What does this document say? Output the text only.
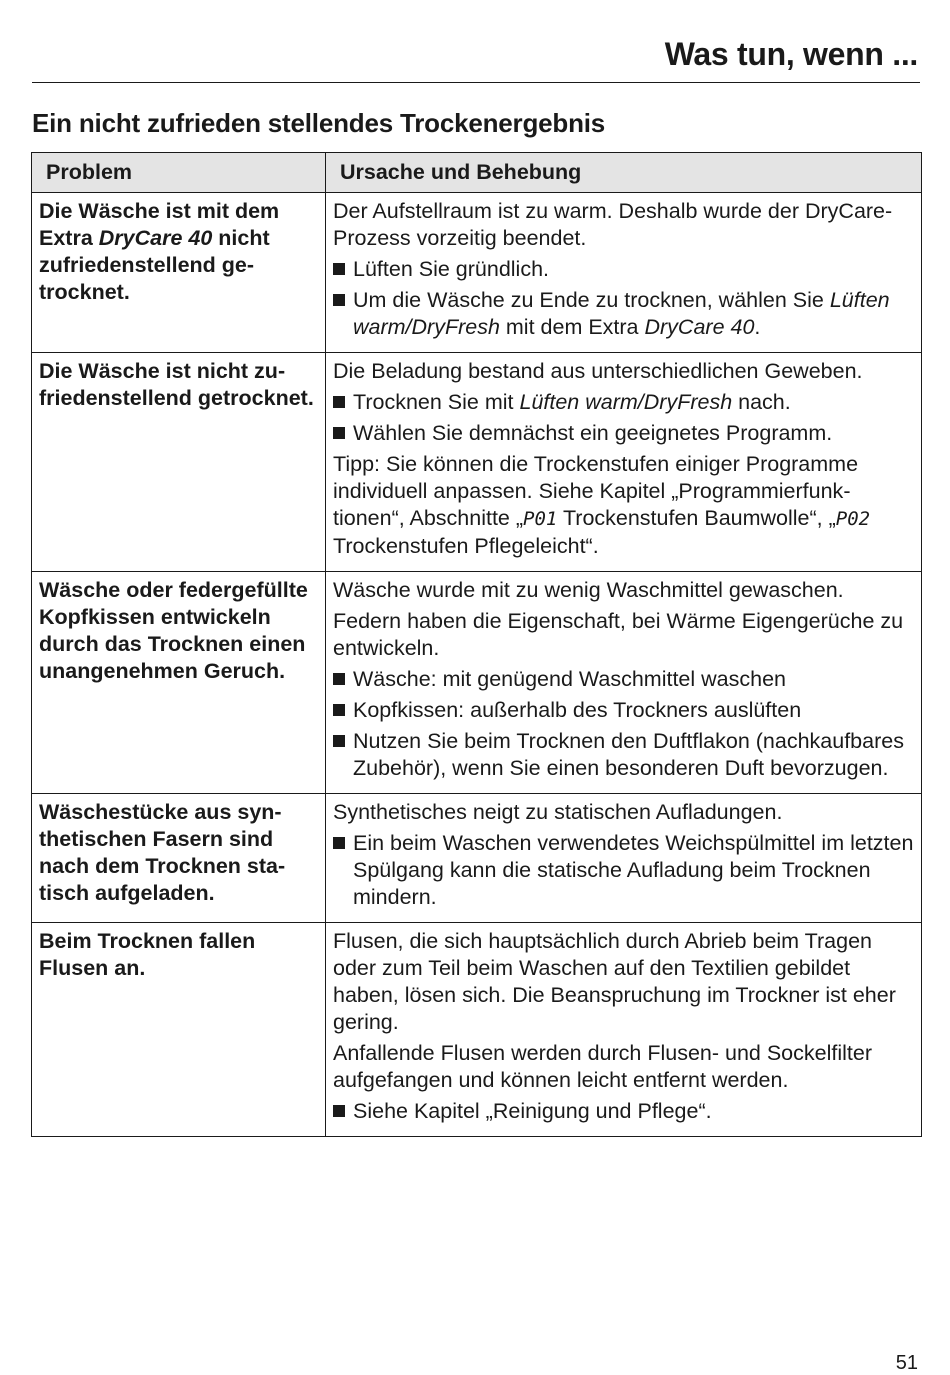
Was tun, wenn ...
Ein nicht zufrieden stellendes Trockenergebnis
Problem	Ursache und Behebung
Die Wäsche ist mit dem Extra DryCare 40 nicht zufriedenstellend getrocknet.	Der Aufstellraum ist zu warm. Deshalb wurde der DryCare-Prozess vorzeitig beendet.

Lüften Sie gründlich.
Um die Wäsche zu Ende zu trocknen, wählen Sie Lüften warm/DryFresh mit dem Extra DryCare 40.

Die Wäsche ist nicht zufriedenstellend getrocknet.	Die Beladung bestand aus unterschiedlichen Geweben.

Trocknen Sie mit Lüften warm/DryFresh nach.
Wählen Sie demnächst ein geeignetes Programm.

Tipp: Sie können die Trockenstufen einiger Programme individuell anpassen. Siehe Kapitel „Programmierfunktionen“, Abschnitte „P01 Trockenstufen Baumwolle“, „P02 Trockenstufen Pflegeleicht“.

Wäsche oder federgefüllte Kopfkissen entwickeln durch das Trocknen einen unangenehmen Geruch.	Wäsche wurde mit zu wenig Waschmittel gewaschen.

Federn haben die Eigenschaft, bei Wärme Eigengerüche zu entwickeln.

Wäsche: mit genügend Waschmittel waschen
Kopfkissen: außerhalb des Trockners auslüften
Nutzen Sie beim Trocknen den Duftflakon (nachkaufbares Zubehör), wenn Sie einen besonderen Duft bevorzugen.

Wäschestücke aus synthetischen Fasern sind nach dem Trocknen statisch aufgeladen.	Synthetisches neigt zu statischen Aufladungen.

Ein beim Waschen verwendetes Weichspülmittel im letzten Spülgang kann die statische Aufladung beim Trocknen mindern.

Beim Trocknen fallen Flusen an.	Flusen, die sich hauptsächlich durch Abrieb beim Tragen oder zum Teil beim Waschen auf den Textilien gebildet haben, lösen sich. Die Beanspruchung im Trockner ist eher gering.

Anfallende Flusen werden durch Flusen- und Sockelfilter aufgefangen und können leicht entfernt werden.

Siehe Kapitel „Reinigung und Pflege“.
51
